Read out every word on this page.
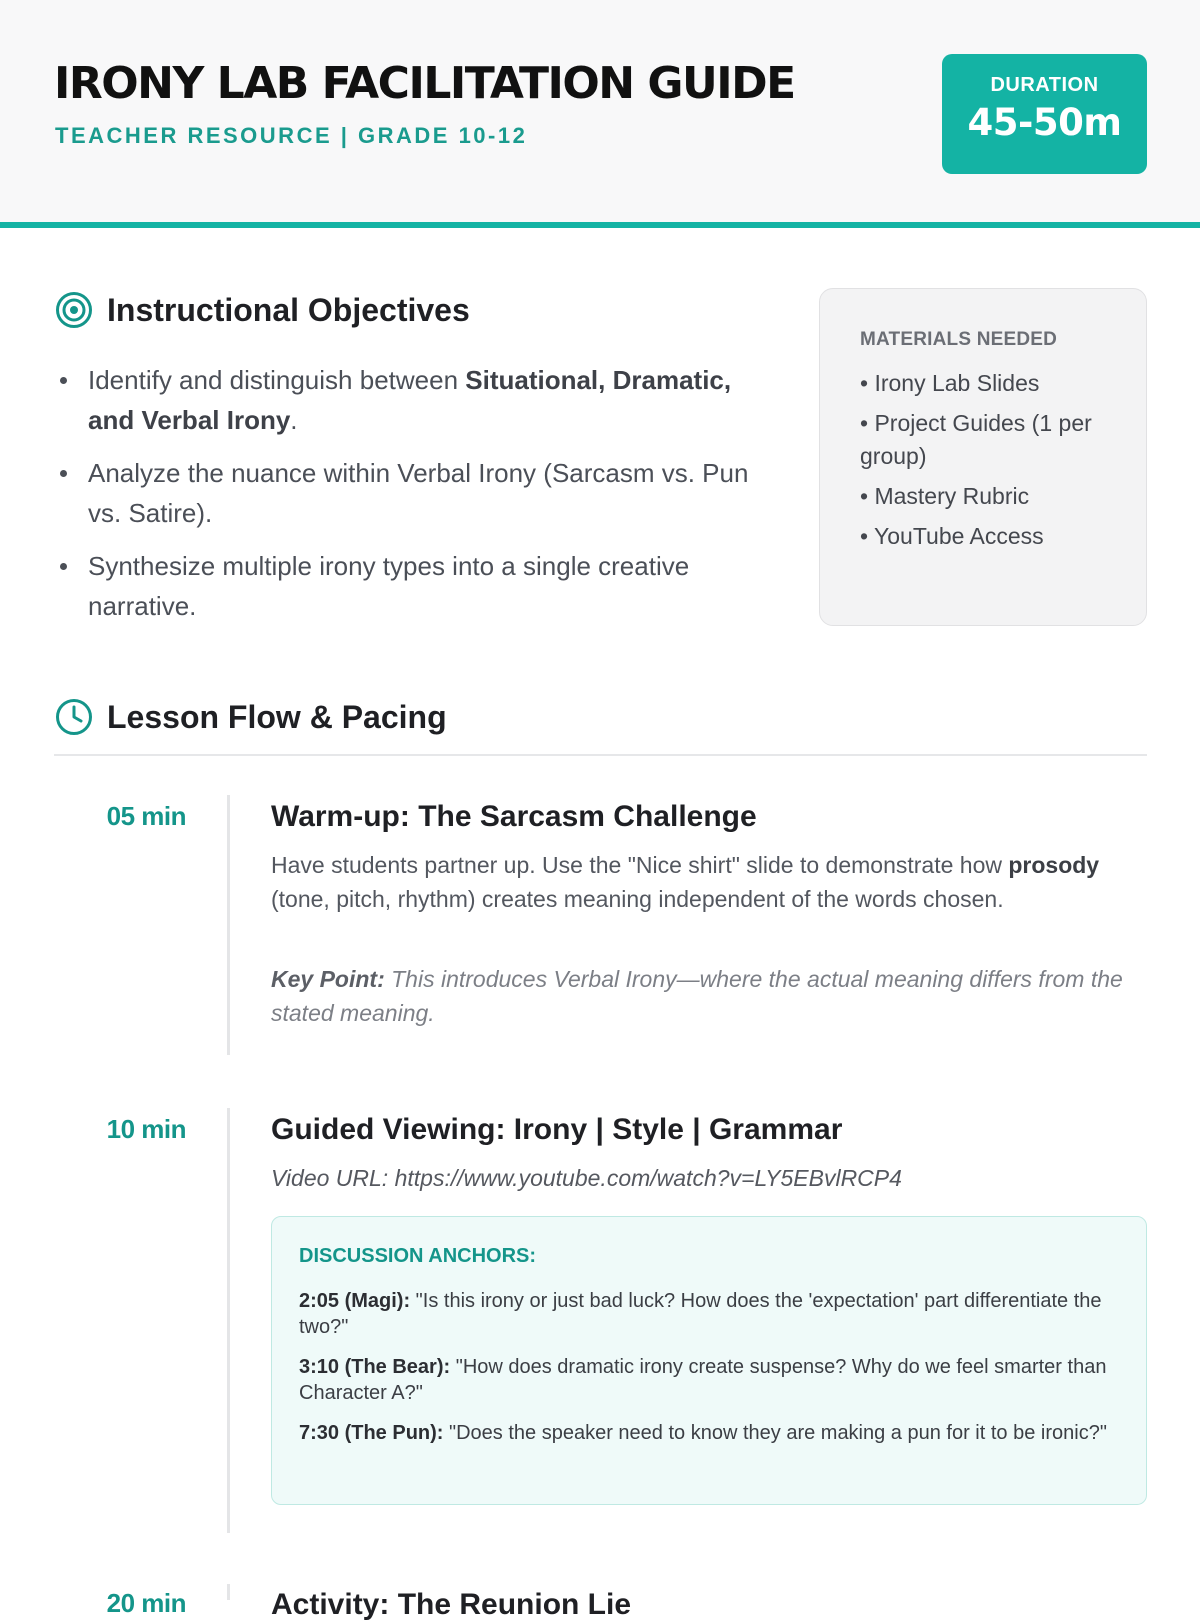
IRONY LAB FACILITATION GUIDE
TEACHER RESOURCE | GRADE 10-12
DURATION
45-50m
Instructional Objectives
Identify and distinguish between Situational, Dramatic, and Verbal Irony.
Analyze the nuance within Verbal Irony (Sarcasm vs. Pun vs. Satire).
Synthesize multiple irony types into a single creative narrative.
MATERIALS NEEDED
• Irony Lab Slides
• Project Guides (1 per group)
• Mastery Rubric
• YouTube Access
Lesson Flow & Pacing
05 min	Warm-up: The Sarcasm Challenge
Have students partner up. Use the "Nice shirt" slide to demonstrate how prosody (tone, pitch, rhythm) creates meaning independent of the words chosen.
Key Point: This introduces Verbal Irony—where the actual meaning differs from the stated meaning.
10 min	Guided Viewing: Irony | Style | Grammar
Video URL: https://www.youtube.com/watch?v=LY5EBvlRCP4
DISCUSSION ANCHORS:
2:05 (Magi): "Is this irony or just bad luck? How does the 'expectation' part differentiate the two?"
3:10 (The Bear): "How does dramatic irony create suspense? Why do we feel smarter than Character A?"
7:30 (The Pun): "Does the speaker need to know they are making a pun for it to be ironic?"
20 min	Activity: The Reunion Lie
